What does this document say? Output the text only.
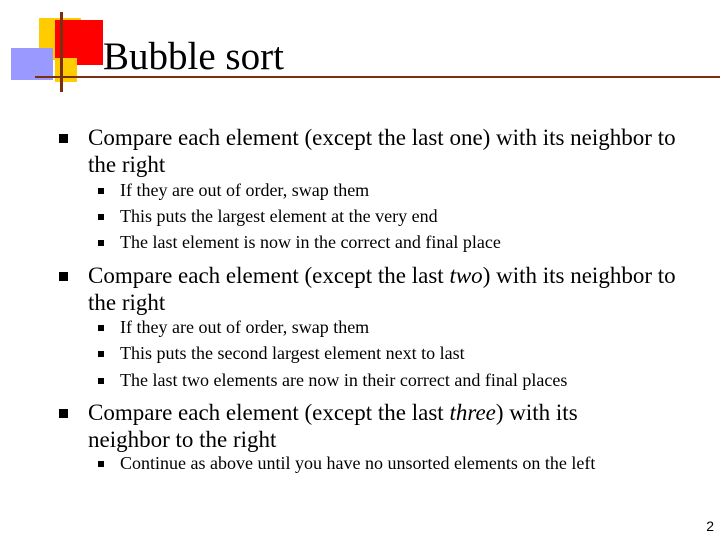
Bubble sort
Compare each element (except the last one) with its neighbor to the right
If they are out of order, swap them
This puts the largest element at the very end
The last element is now in the correct and final place
Compare each element (except the last two) with its neighbor to the right
If they are out of order, swap them
This puts the second largest element next to last
The last two elements are now in their correct and final places
Compare each element (except the last three) with its neighbor to the right
Continue as above until you have no unsorted elements on the left
2
